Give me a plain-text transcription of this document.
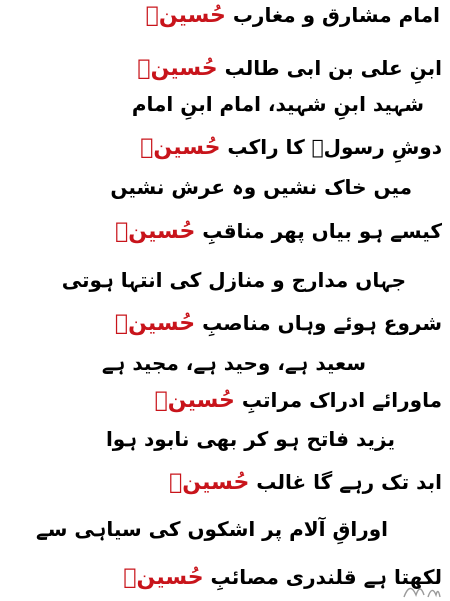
امام مشارق و مغارب حُسینؑ
ابنِ علی بن ابی طالب حُسینؑ
شہید ابنِ شہید، امام ابنِ امام
دوشِ رسولؐ کا راکب حُسینؑ
میں خاک نشیں وہ عرش نشیں
کیسے ہو بیاں پھر مناقبِ حُسینؑ
جہاں مدارج و منازل کی انتہا ہوتی
شروع ہوئے وہاں مناصبِ حُسینؑ
سعید ہے، وحید ہے، مجید ہے
ماورائے ادراک مراتبِ حُسینؑ
یزید فاتح ہو کر بھی نابود ہوا
ابد تک رہے گا غالب حُسینؑ
اوراقِ آلام پر اشکوں کی سیاہی سے
لکھتا ہے قلندری مصائبِ حُسینؑ
